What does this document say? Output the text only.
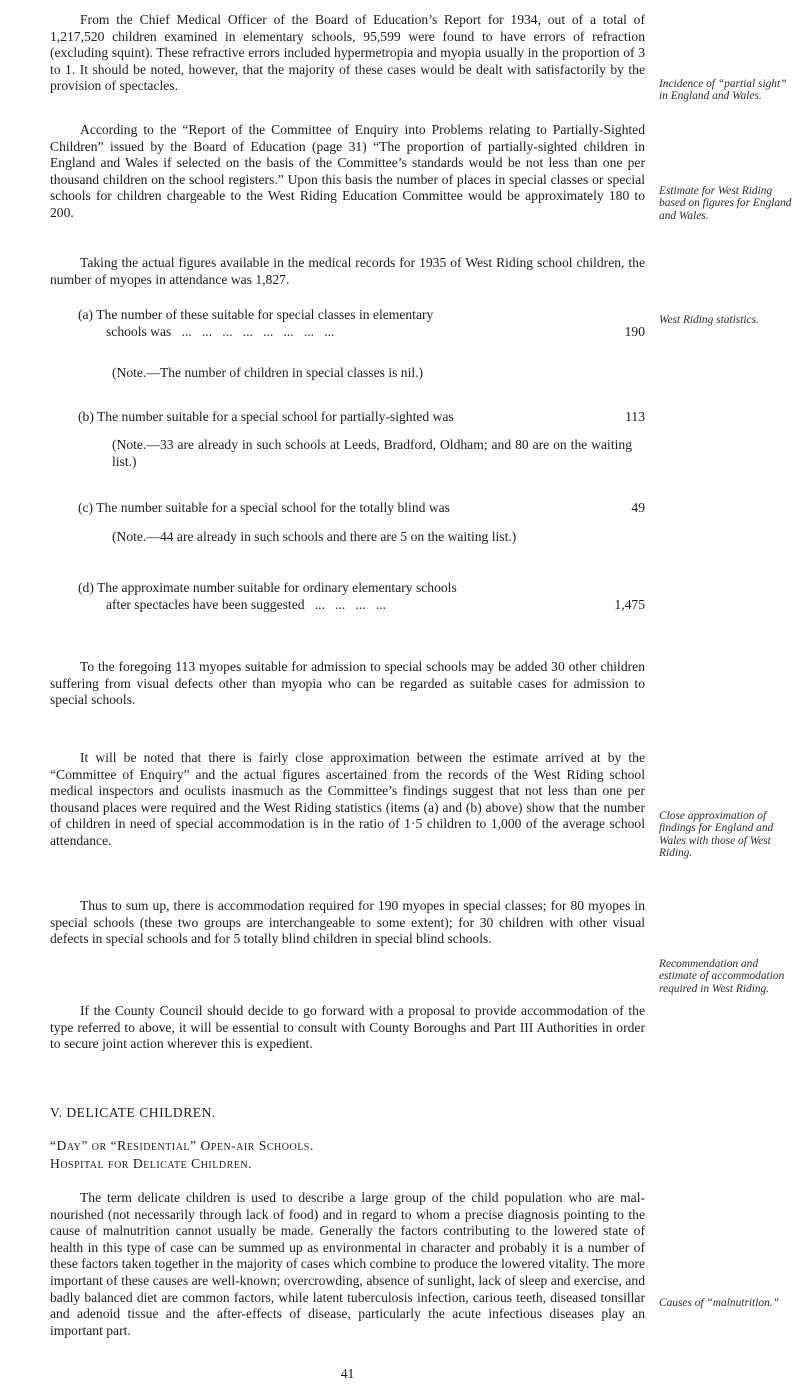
From the Chief Medical Officer of the Board of Education’s Report for 1934, out of a total of 1,217,520 children examined in elementary schools, 95,599 were found to have errors of refraction (excluding squint). These refractive errors included hypermetropia and myopia usually in the proportion of 3 to 1. It should be noted, however, that the majority of these cases would be dealt with satisfactorily by the provision of spectacles.

According to the “Report of the Committee of Enquiry into Problems relating to Partially-Sighted Children” issued by the Board of Education (page 31) “The proportion of partially-sighted children in England and Wales if selected on the basis of the Committee’s standards would be not less than one per thousand children on the school registers.” Upon this basis the number of places in special classes or special schools for children chargeable to the West Riding Education Committee would be approximately 180 to 200.

Taking the actual figures available in the medical records for 1935 of West Riding school children, the number of myopes in attendance was 1,827.

(a) The number of these suitable for special classes in elementary
schools was   ...   ...   ...   ...   ...   ...   ...   ...	190

(Note.—The number of children in special classes is nil.)

(b) The number suitable for a special school for partially-sighted was	113

(Note.—33 are already in such schools at Leeds, Bradford, Oldham; and 80 are on the waiting list.)

(c) The number suitable for a special school for the totally blind was	49

(Note.—44 are already in such schools and there are 5 on the waiting list.)

(d) The approximate number suitable for ordinary elementary schools
after spectacles have been suggested   ...   ...   ...   ...	1,475

To the foregoing 113 myopes suitable for admission to special schools may be added 30 other children suffering from visual defects other than myopia who can be regarded as suitable cases for admission to special schools.

It will be noted that there is fairly close approximation between the estimate arrived at by the “Committee of Enquiry” and the actual figures ascertained from the records of the West Riding school medical inspectors and oculists inasmuch as the Committee’s findings suggest that not less than one per thousand places were required and the West Riding statistics (items (a) and (b) above) show that the number of children in need of special accommodation is in the ratio of 1·5 children to 1,000 of the average school attendance.

Thus to sum up, there is accommodation required for 190 myopes in special classes; for 80 myopes in special schools (these two groups are interchangeable to some extent); for 30 children with other visual defects in special schools and for 5 totally blind children in special blind schools.

If the County Council should decide to go forward with a proposal to provide accommodation of the type referred to above, it will be essential to consult with County Boroughs and Part III Authorities in order to secure joint action wherever this is expedient.

V. DELICATE CHILDREN.
“Day” or “Residential” Open-air Schools.
Hospital for Delicate Children.

The term delicate children is used to describe a large group of the child population who are mal-nourished (not necessarily through lack of food) and in regard to whom a precise diagnosis pointing to the cause of malnutrition cannot usually be made. Generally the factors contributing to the lowered state of health in this type of case can be summed up as environmental in character and probably it is a number of these factors taken together in the majority of cases which combine to produce the lowered vitality. The more important of these causes are well-known; overcrowding, absence of sunlight, lack of sleep and exercise, and badly balanced diet are common factors, while latent tuberculosis infection, carious teeth, diseased tonsillar and adenoid tissue and the after-effects of disease, particularly the acute infectious diseases play an important part.

41
Incidence of “partial sight” in England and Wales.
Estimate for West Riding based on figures for England and Wales.
West Riding statistics.
Close approximation of findings for England and Wales with those of West Riding.
Recommendation and estimate of accommodation required in West Riding.
Causes of “malnutrition.”
